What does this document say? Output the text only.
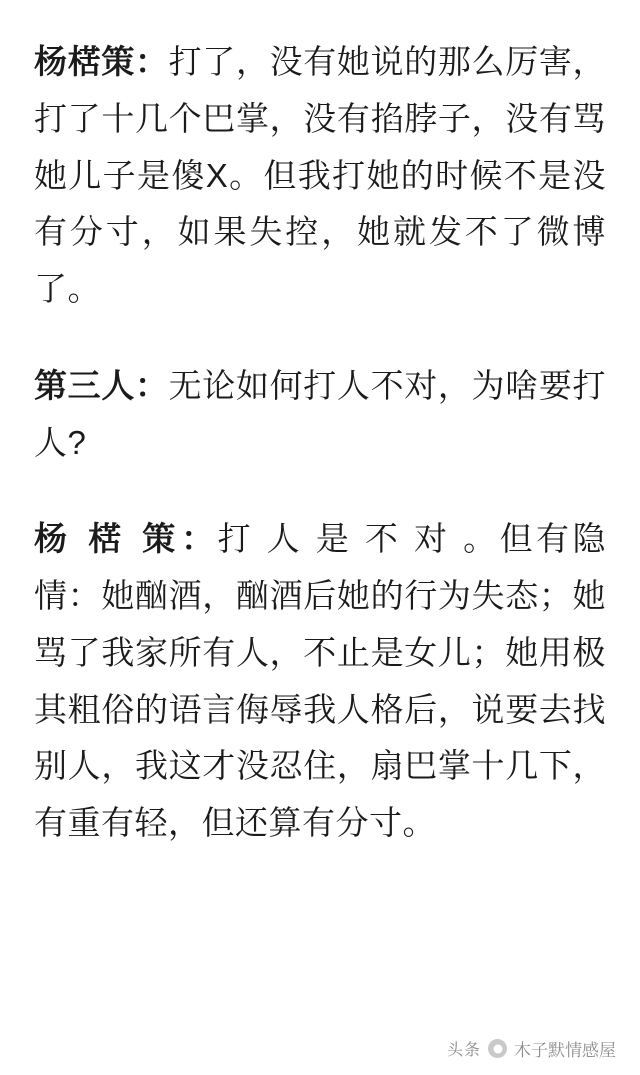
杨楛策：打了，没有她说的那么厉害，打了十几个巴掌，没有掐脖子，没有骂她儿子是傻X。但我打她的时候不是没有分寸，如果失控，她就发不了微博了。

第三人：无论如何打人不对，为啥要打人?

杨 楛 策：打 人 是 不 对 。但有隐情：她酗酒，酗酒后她的行为失态；她骂了我家所有人，不止是女儿；她用极其粗俗的语言侮辱我人格后，说要去找别人，我这才没忍住，扇巴掌十几下，有重有轻，但还算有分寸。

头条 木子默情感屋
